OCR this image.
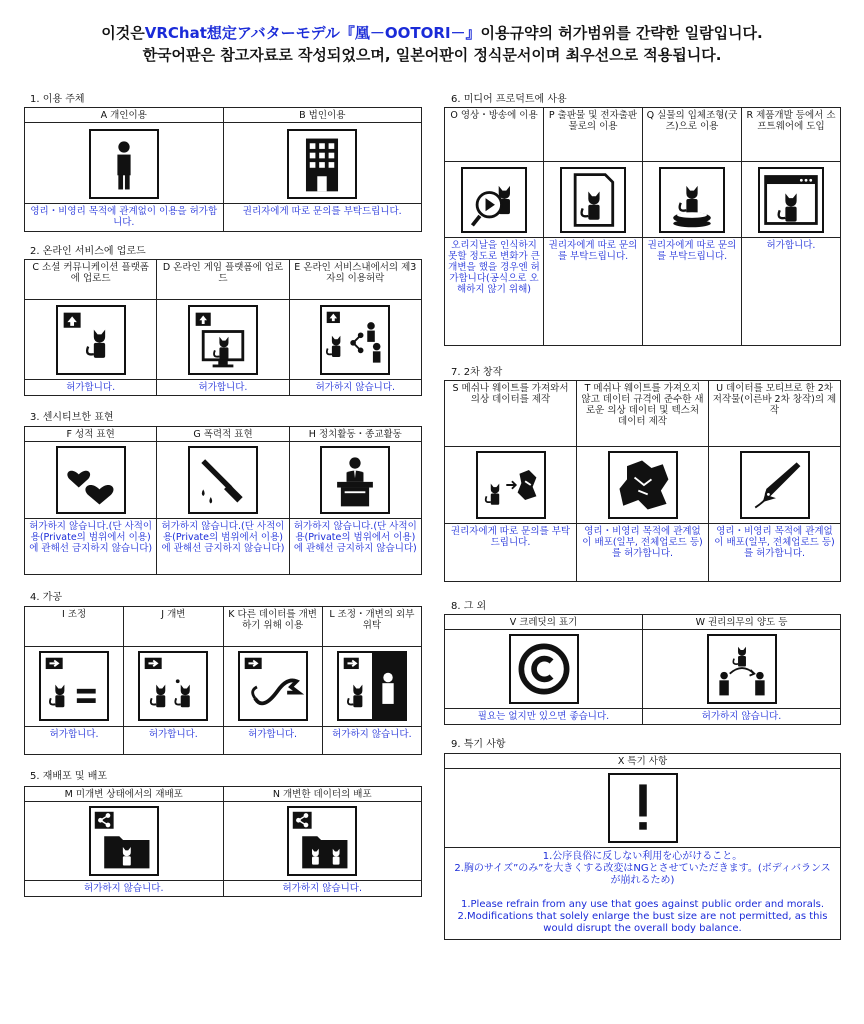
이것은VRChat想定アバターモデル『凰－OOTORI－』이용규약의 허가범위를 간략한 일람입니다.
한국어판은 참고자료로 작성되었으며, 일본어판이 정식문서이며 최우선으로 적용됩니다.
1. 이용 주체
A 개인이용	B 법인이용

영리・비영리 목적에 관계없이 이용을 허가합니다.	권리자에게 따로 문의를 부탁드립니다.
2. 온라인 서비스에 업로드
C 소셜 커뮤니케이션 플랫폼에 업로드	D 온라인 게임 플랫폼에 업로드	E 온라인 서비스내에서의 제3자의 이용허락

허가합니다.	허가합니다.	허가하지 않습니다.
3. 센시티브한 표현
F 성적 표현	G 폭력적 표현	H 정치활동・종교활동

허가하지 않습니다.(단 사적이용(Private의 범위에서 이용)에 관해선 금지하지 않습니다)	허가하지 않습니다.(단 사적이용(Private의 범위에서 이용)에 관해선 금지하지 않습니다)	허가하지 않습니다.(단 사적이용(Private의 범위에서 이용)에 관해선 금지하지 않습니다)
4. 가공
I 조정	J 개변	K 다른 데이터를 개변하기 위해 이용	L 조정・개변의 외부위탁

허가합니다.	허가합니다.	허가합니다.	허가하지 않습니다.
5. 재배포 및 배포
M 미개변 상태에서의 재배포	N 개변한 데이터의 배포

허가하지 않습니다.	허가하지 않습니다.
6. 미디어 프로덕트에 사용
O 영상・방송에 이용	P 출판물 및 전자출판물로의 이용	Q 실물의 입체조형(굿즈)으로 이용	R 제품개발 등에서 소프트웨어에 도입

오리지날을 인식하지 못할 정도로 변화가 큰 개변을 했을 경우엔 허가합니다(공식으로 오해하지 않기 위해)	권리자에게 따로 문의를 부탁드립니다.	권리자에게 따로 문의를 부탁드립니다.	허가합니다.
7. 2차 창작
S 메쉬나 웨이트를 가져와서 의상 데이터를 제작	T 메쉬나 웨이트를 가져오지 않고 데이터 규격에 준수한 새로운 의상 데이터 및 텍스처 데이터 제작	U 데이터를 모티브로 한 2차 저작물(이른바 2차 창작)의 제작

권리자에게 따로 문의를 부탁드립니다.	영리・비영리 목적에 관계없이 배포(일부, 전체업로드 등)를 허가합니다.	영리・비영리 목적에 관계없이 배포(일부, 전체업로드 등)를 허가합니다.
8. 그 외
V 크레딧의 표기	W 권리의무의 양도 등

필요는 없지만 있으면 좋습니다.	허가하지 않습니다.
9. 특기 사항
X 특기 사항

1.公序良俗に反しない利用を心がけること。
2.胸のサイズ”のみ”を大きくする改変はNGとさせていただきます。(ボディバランスが崩れるため)
1.Please refrain from any use that goes against public order and morals.
2.Modifications that solely enlarge the bust size are not permitted, as this would disrupt the overall body balance.
